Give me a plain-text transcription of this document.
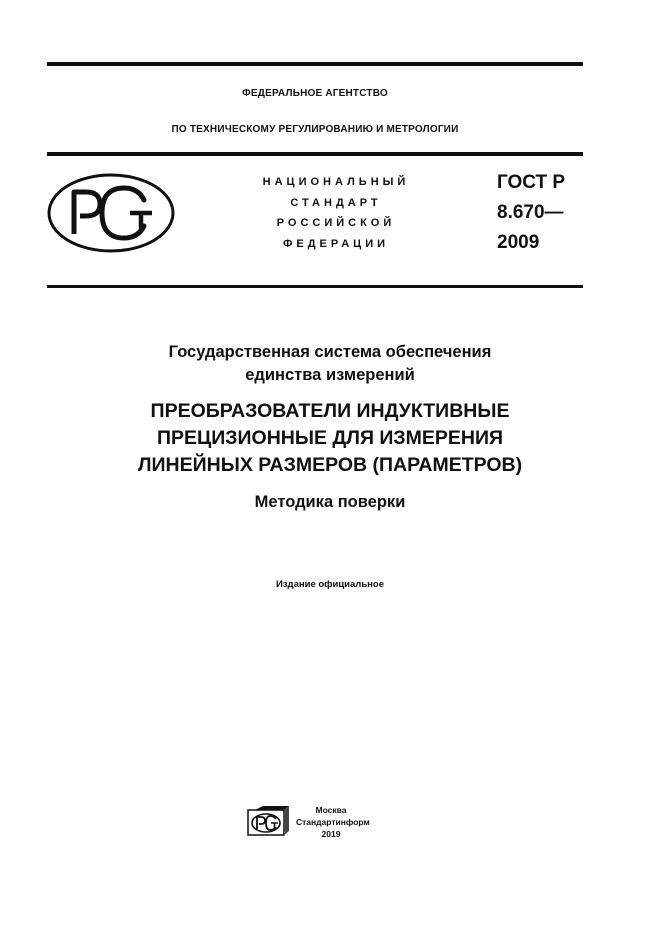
ФЕДЕРАЛЬНОЕ АГЕНТСТВО
ПО ТЕХНИЧЕСКОМУ РЕГУЛИРОВАНИЮ И МЕТРОЛОГИИ
НАЦИОНАЛЬНЫЙ
СТАНДАРТ
РОССИЙСКОЙ
ФЕДЕРАЦИИ
ГОСТ Р
8.670—
2009
Государственная система обеспечения
единства измерений
ПРЕОБРАЗОВАТЕЛИ ИНДУКТИВНЫЕ
ПРЕЦИЗИОННЫЕ ДЛЯ ИЗМЕРЕНИЯ
ЛИНЕЙНЫХ РАЗМЕРОВ (ПАРАМЕТРОВ)
Методика поверки
Издание официальное
Москва
Стандартинформ
2019
